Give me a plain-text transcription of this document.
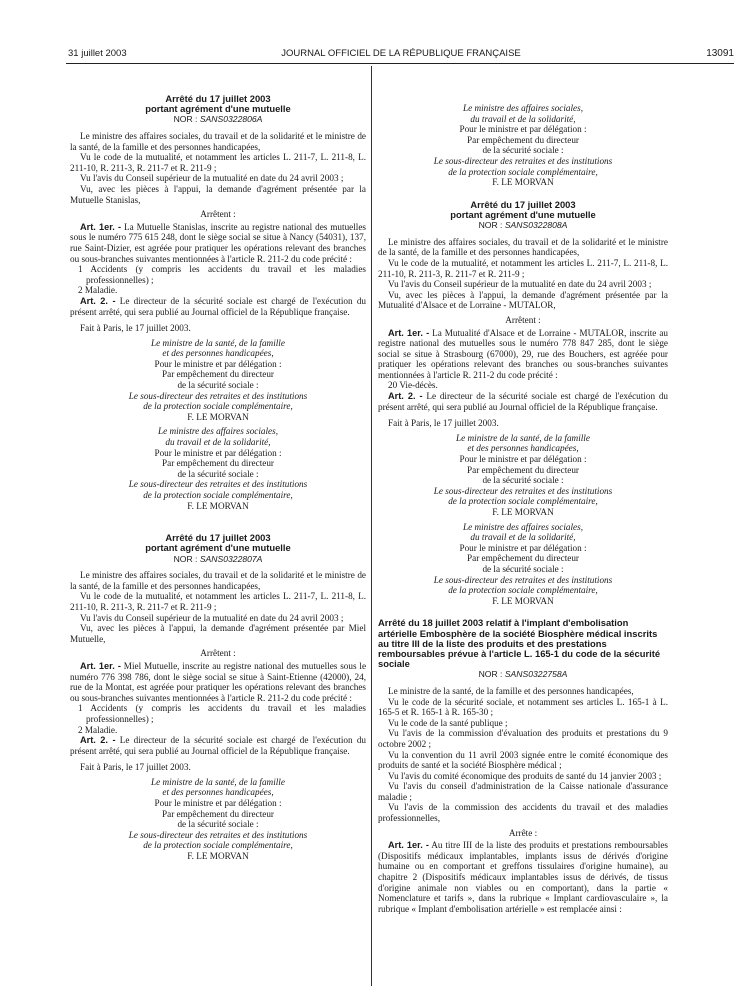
31 juillet 2003	JOURNAL OFFICIEL DE LA RÉPUBLIQUE FRANÇAISE	13091
Arrêté du 17 juillet 2003
portant agrément d'une mutuelle
NOR : SANS0322806A

Le ministre des affaires sociales, du travail et de la solidarité et le ministre de la santé, de la famille et des personnes handicapées,

Vu le code de la mutualité, et notamment les articles L. 211-7, L. 211-8, L. 211-10, R. 211-3, R. 211-7 et R. 211-9 ;

Vu l'avis du Conseil supérieur de la mutualité en date du 24 avril 2003 ;

Vu, avec les pièces à l'appui, la demande d'agrément présentée par la Mutuelle Stanislas,

Arrêtent :

Art. 1er. - La Mutuelle Stanislas, inscrite au registre national des mutuelles sous le numéro 775 615 248, dont le siège social se situe à Nancy (54031), 137, rue Saint-Dizier, est agréée pour pratiquer les opérations relevant des branches ou sous-branches suivantes mentionnées à l'article R. 211-2 du code précité :

1 Accidents (y compris les accidents du travail et les maladies professionnelles) ;

2 Maladie.

Art. 2. - Le directeur de la sécurité sociale est chargé de l'exécution du présent arrêté, qui sera publié au Journal officiel de la République française.

Fait à Paris, le 17 juillet 2003.

Le ministre de la santé, de la famille
et des personnes handicapées,
Pour le ministre et par délégation :
Par empêchement du directeur
de la sécurité sociale :
Le sous-directeur des retraites et des institutions
de la protection sociale complémentaire,
F. LE MORVAN
Le ministre des affaires sociales,
du travail et de la solidarité,
Pour le ministre et par délégation :
Par empêchement du directeur
de la sécurité sociale :
Le sous-directeur des retraites et des institutions
de la protection sociale complémentaire,
F. LE MORVAN
Arrêté du 17 juillet 2003
portant agrément d'une mutuelle
NOR : SANS0322807A

Le ministre des affaires sociales, du travail et de la solidarité et le ministre de la santé, de la famille et des personnes handicapées,

Vu le code de la mutualité, et notamment les articles L. 211-7, L. 211-8, L. 211-10, R. 211-3, R. 211-7 et R. 211-9 ;

Vu l'avis du Conseil supérieur de la mutualité en date du 24 avril 2003 ;

Vu, avec les pièces à l'appui, la demande d'agrément présentée par Miel Mutuelle,

Arrêtent :

Art. 1er. - Miel Mutuelle, inscrite au registre national des mutuelles sous le numéro 776 398 786, dont le siège social se situe à Saint-Etienne (42000), 24, rue de la Montat, est agréée pour pratiquer les opérations relevant des branches ou sous-branches suivantes mentionnées à l'article R. 211-2 du code précité :

1 Accidents (y compris les accidents du travail et les maladies professionnelles) ;

2 Maladie.

Art. 2. - Le directeur de la sécurité sociale est chargé de l'exécution du présent arrêté, qui sera publié au Journal officiel de la République française.

Fait à Paris, le 17 juillet 2003.

Le ministre de la santé, de la famille
et des personnes handicapées,
Pour le ministre et par délégation :
Par empêchement du directeur
de la sécurité sociale :
Le sous-directeur des retraites et des institutions
de la protection sociale complémentaire,
F. LE MORVAN
Le ministre des affaires sociales,
du travail et de la solidarité,
Pour le ministre et par délégation :
Par empêchement du directeur
de la sécurité sociale :
Le sous-directeur des retraites et des institutions
de la protection sociale complémentaire,
F. LE MORVAN
Arrêté du 17 juillet 2003
portant agrément d'une mutuelle
NOR : SANS0322808A

Le ministre des affaires sociales, du travail et de la solidarité et le ministre de la santé, de la famille et des personnes handicapées,

Vu le code de la mutualité, et notamment les articles L. 211-7, L. 211-8, L. 211-10, R. 211-3, R. 211-7 et R. 211-9 ;

Vu l'avis du Conseil supérieur de la mutualité en date du 24 avril 2003 ;

Vu, avec les pièces à l'appui, la demande d'agrément présentée par la Mutualité d'Alsace et de Lorraine - MUTALOR,

Arrêtent :

Art. 1er. - La Mutualité d'Alsace et de Lorraine - MUTALOR, inscrite au registre national des mutuelles sous le numéro 778 847 285, dont le siège social se situe à Strasbourg (67000), 29, rue des Bouchers, est agréée pour pratiquer les opérations relevant des branches ou sous-branches suivantes mentionnées à l'article R. 211-2 du code précité :

20 Vie-décès.

Art. 2. - Le directeur de la sécurité sociale est chargé de l'exécution du présent arrêté, qui sera publié au Journal officiel de la République française.

Fait à Paris, le 17 juillet 2003.

Le ministre de la santé, de la famille
et des personnes handicapées,
Pour le ministre et par délégation :
Par empêchement du directeur
de la sécurité sociale :
Le sous-directeur des retraites et des institutions
de la protection sociale complémentaire,
F. LE MORVAN
Le ministre des affaires sociales,
du travail et de la solidarité,
Pour le ministre et par délégation :
Par empêchement du directeur
de la sécurité sociale :
Le sous-directeur des retraites et des institutions
de la protection sociale complémentaire,
F. LE MORVAN
Arrêté du 18 juillet 2003 relatif à l'implant d'embolisation artérielle Embosphère de la société Biosphère médical inscrits au titre III de la liste des produits et des prestations remboursables prévue à l'article L. 165-1 du code de la sécurité sociale
NOR : SANS0322758A

Le ministre de la santé, de la famille et des personnes handicapées,

Vu le code de la sécurité sociale, et notamment ses articles L. 165-1 à L. 165-5 et R. 165-1 à R. 165-30 ;

Vu le code de la santé publique ;

Vu l'avis de la commission d'évaluation des produits et prestations du 9 octobre 2002 ;

Vu la convention du 11 avril 2003 signée entre le comité économique des produits de santé et la société Biosphère médical ;

Vu l'avis du comité économique des produits de santé du 14 janvier 2003 ;

Vu l'avis du conseil d'administration de la Caisse nationale d'assurance maladie ;

Vu l'avis de la commission des accidents du travail et des maladies professionnelles,

Arrête :

Art. 1er. - Au titre III de la liste des produits et prestations remboursables (Dispositifs médicaux implantables, implants issus de dérivés d'origine humaine ou en comportant et greffons tissulaires d'origine humaine), au chapitre 2 (Dispositifs médicaux implantables issus de dérivés, de tissus d'origine animale non viables ou en comportant), dans la partie « Nomenclature et tarifs », dans la rubrique « Implant cardiovasculaire », la rubrique « Implant d'embolisation artérielle » est remplacée ainsi :
